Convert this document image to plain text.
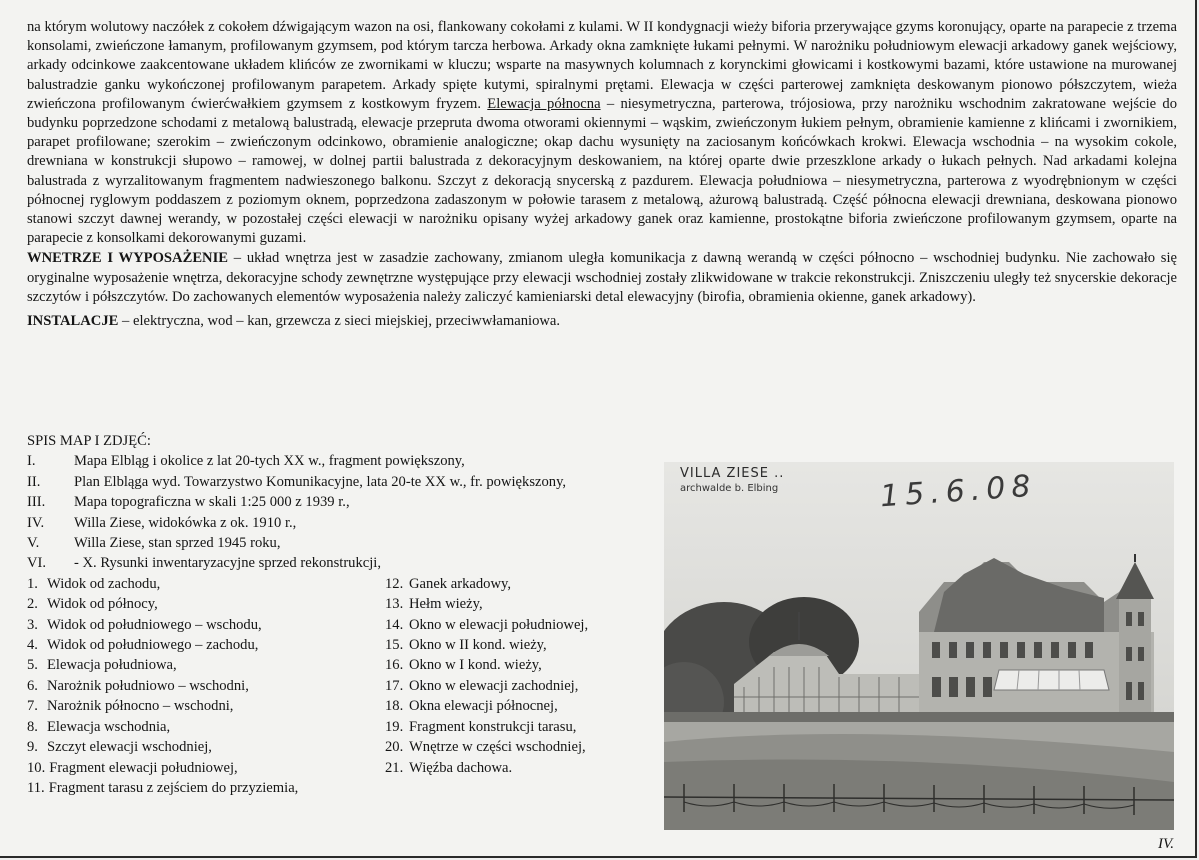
na którym wolutowy naczółek z cokołem dźwigającym wazon na osi, flankowany cokołami z kulami. W II kondygnacji wieży biforia przerywające gzyms koronujący, oparte na parapecie z trzema konsolami, zwieńczone łamanym, profilowanym gzymsem, pod którym tarcza herbowa. Arkady okna zamknięte łukami pełnymi. W narożniku południowym elewacji arkadowy ganek wejściowy, arkady odcinkowe zaakcentowane układem klińców ze zwornikami w kluczu; wsparte na masywnych kolumnach z korynckimi głowicami i kostkowymi bazami, które ustawione na murowanej balustradzie ganku wykończonej profilowanym parapetem. Arkady spięte kutymi, spiralnymi prętami. Elewacja w części parterowej zamknięta deskowanym pionowo półszczytem, wieża zwieńczona profilowanym ćwierćwałkiem gzymsem z kostkowym fryzem. Elewacja północna – niesymetryczna, parterowa, trójosiowa, przy narożniku wschodnim zakratowane wejście do budynku poprzedzone schodami z metalową balustradą, elewacje przepruta dwoma otworami okiennymi – wąskim, zwieńczonym łukiem pełnym, obramienie kamienne z klińcami i zwornikiem, parapet profilowane; szerokim – zwieńczonym odcinkowo, obramienie analogiczne; okap dachu wysunięty na zaciosanym końcówkach krokwi. Elewacja wschodnia – na wysokim cokole, drewniana w konstrukcji słupowo – ramowej, w dolnej partii balustrada z dekoracyjnym deskowaniem, na której oparte dwie przeszklone arkady o łukach pełnych. Nad arkadami kolejna balustrada z wyrzalitowanym fragmentem nadwieszonego balkonu. Szczyt z dekoracją snycerską z pazdurem. Elewacja południowa – niesymetryczna, parterowa z wyodrębnionym w części północnej ryglowym poddaszem z poziomym oknem, poprzedzona zadaszonym w połowie tarasem z metalową, ażurową balustradą. Część północna elewacji drewniana, deskowana pionowo stanowi szczyt dawnej werandy, w pozostałej części elewacji w narożniku opisany wyżej arkadowy ganek oraz kamienne, prostokątne biforia zwieńczone profilowanym gzymsem, oparte na parapecie z konsolkami dekorowanymi guzami.

WNETRZE I WYPOSAŻENIE – układ wnętrza jest w zasadzie zachowany, zmianom uległa komunikacja z dawną werandą w części północno – wschodniej budynku. Nie zachowało się oryginalne wyposażenie wnętrza, dekoracyjne schody zewnętrzne występujące przy elewacji wschodniej zostały zlikwidowane w trakcie rekonstrukcji. Zniszczeniu uległy też snycerskie dekoracje szczytów i półszczytów. Do zachowanych elementów wyposażenia należy zaliczyć kamieniarski detal elewacyjny (birofia, obramienia okienne, ganek arkadowy).

INSTALACJE – elektryczna, wod – kan, grzewcza z sieci miejskiej, przeciwwłamaniowa.

SPIS MAP I ZDJĘĆ:

I.	Mapa Elbląg i okolice z lat 20-tych XX w., fragment powiększony,
II.	Plan Elbląga wyd. Towarzystwo Komunikacyjne, lata 20-te XX w., fr. powiększony,
III.	Mapa topograficzna w skali 1:25 000 z 1939 r.,
IV.	Willa Ziese, widokówka z ok. 1910 r.,
V.	Willa Ziese, stan sprzed 1945 roku,
VI.	- X. Rysunki inwentaryzacyjne sprzed rekonstrukcji,
1. Widok od zachodu,
2. Widok od północy,
3. Widok od południowego – wschodu,
4. Widok od południowego – zachodu,
5. Elewacja południowa,
6. Narożnik południowo – wschodni,
7. Narożnik północno – wschodni,
8. Elewacja wschodnia,
9. Szczyt elewacji wschodniej,
10. Fragment elewacji południowej,
11. Fragment tarasu z zejściem do przyziemia,
12. Ganek arkadowy,
13. Hełm wieży,
14. Okno w elewacji południowej,
15. Okno w II kond. wieży,
16. Okno w I kond. wieży,
17. Okno w elewacji zachodniej,
18. Okna elewacji północnej,
19. Fragment konstrukcji tarasu,
20. Wnętrze w części wschodniej,
21. Więźba dachowa.
VILLA ZIESE ..
archwalde b. Elbing	15.6.08
IV.
